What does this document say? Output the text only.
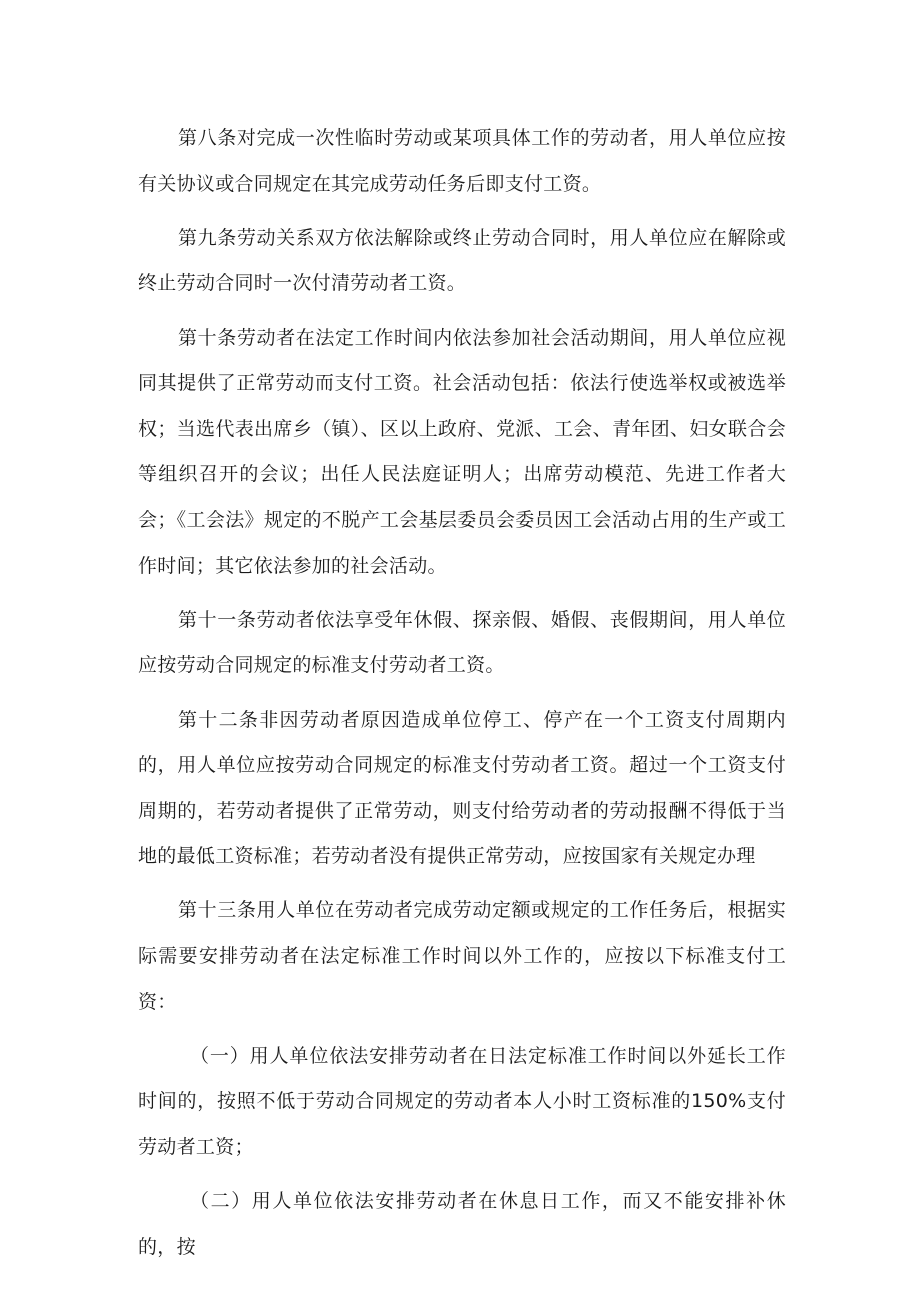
第八条对完成一次性临时劳动或某项具体工作的劳动者，用人单位应按有关协议或合同规定在其完成劳动任务后即支付工资。

第九条劳动关系双方依法解除或终止劳动合同时，用人单位应在解除或终止劳动合同时一次付清劳动者工资。

第十条劳动者在法定工作时间内依法参加社会活动期间，用人单位应视同其提供了正常劳动而支付工资。社会活动包括：依法行使选举权或被选举权；当选代表出席乡（镇）、区以上政府、党派、工会、青年团、妇女联合会等组织召开的会议；出任人民法庭证明人；出席劳动模范、先进工作者大会；《工会法》规定的不脱产工会基层委员会委员因工会活动占用的生产或工作时间；其它依法参加的社会活动。

第十一条劳动者依法享受年休假、探亲假、婚假、丧假期间，用人单位应按劳动合同规定的标准支付劳动者工资。

第十二条非因劳动者原因造成单位停工、停产在一个工资支付周期内的，用人单位应按劳动合同规定的标准支付劳动者工资。超过一个工资支付周期的，若劳动者提供了正常劳动，则支付给劳动者的劳动报酬不得低于当地的最低工资标准；若劳动者没有提供正常劳动，应按国家有关规定办理

第十三条用人单位在劳动者完成劳动定额或规定的工作任务后，根据实际需要安排劳动者在法定标准工作时间以外工作的，应按以下标准支付工资：

（一）用人单位依法安排劳动者在日法定标准工作时间以外延长工作时间的，按照不低于劳动合同规定的劳动者本人小时工资标准的150%支付劳动者工资；

（二）用人单位依法安排劳动者在休息日工作，而又不能安排补休的，按
